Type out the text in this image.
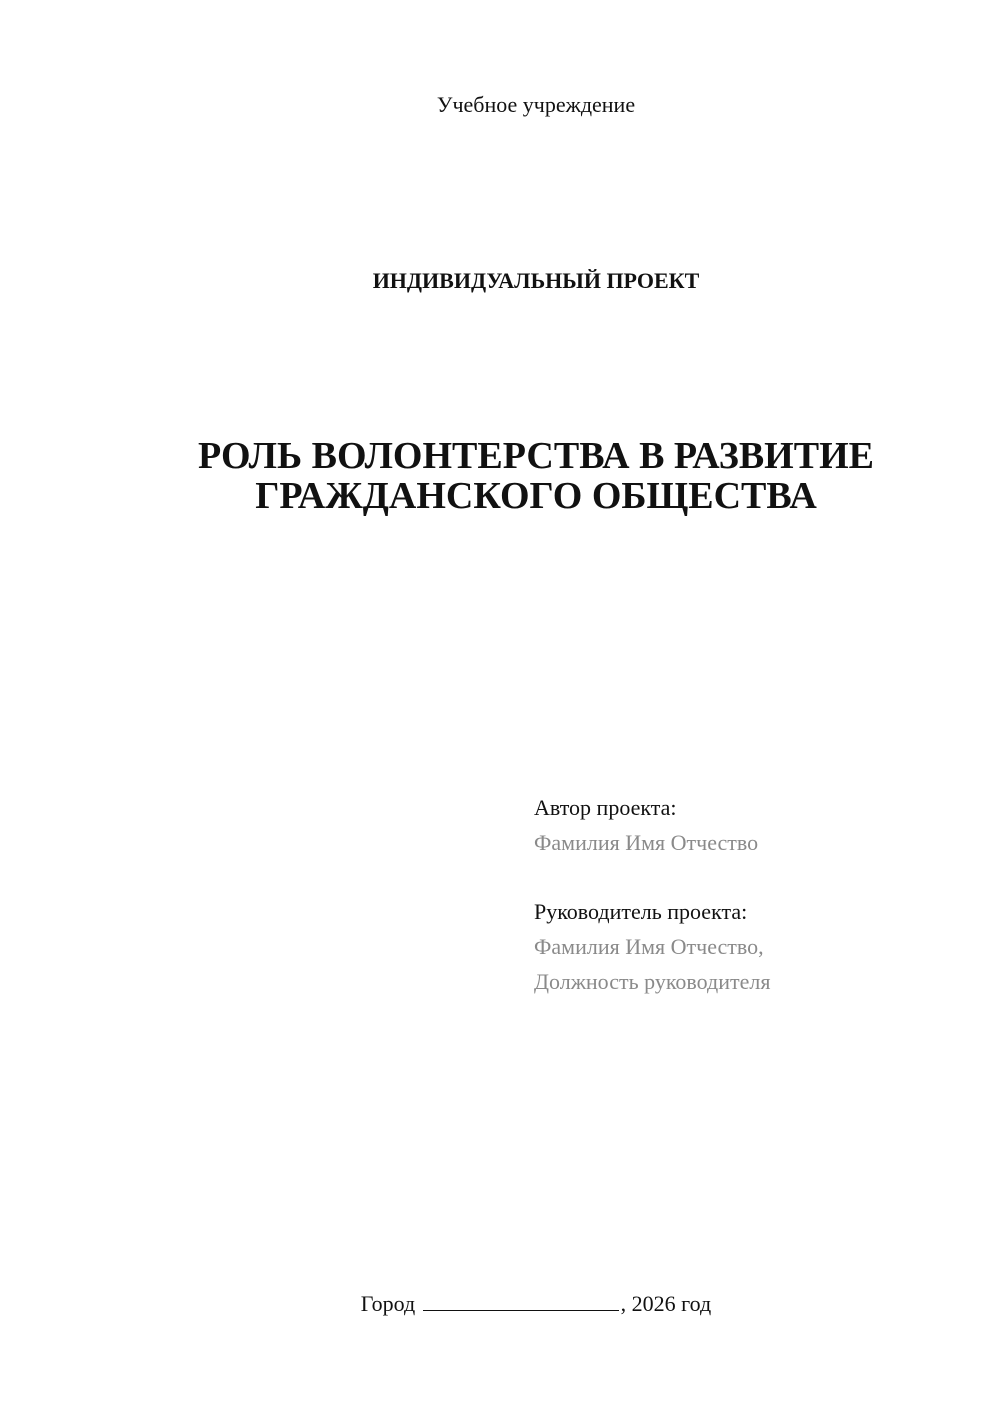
Учебное учреждение
ИНДИВИДУАЛЬНЫЙ ПРОЕКТ
РОЛЬ ВОЛОНТЕРСТВА В РАЗВИТИЕ
ГРАЖДАНСКОГО ОБЩЕСТВА
Автор проекта:
Фамилия Имя Отчество
Руководитель проекта:
Фамилия Имя Отчество,
Должность руководителя
Город	, 2026 год
